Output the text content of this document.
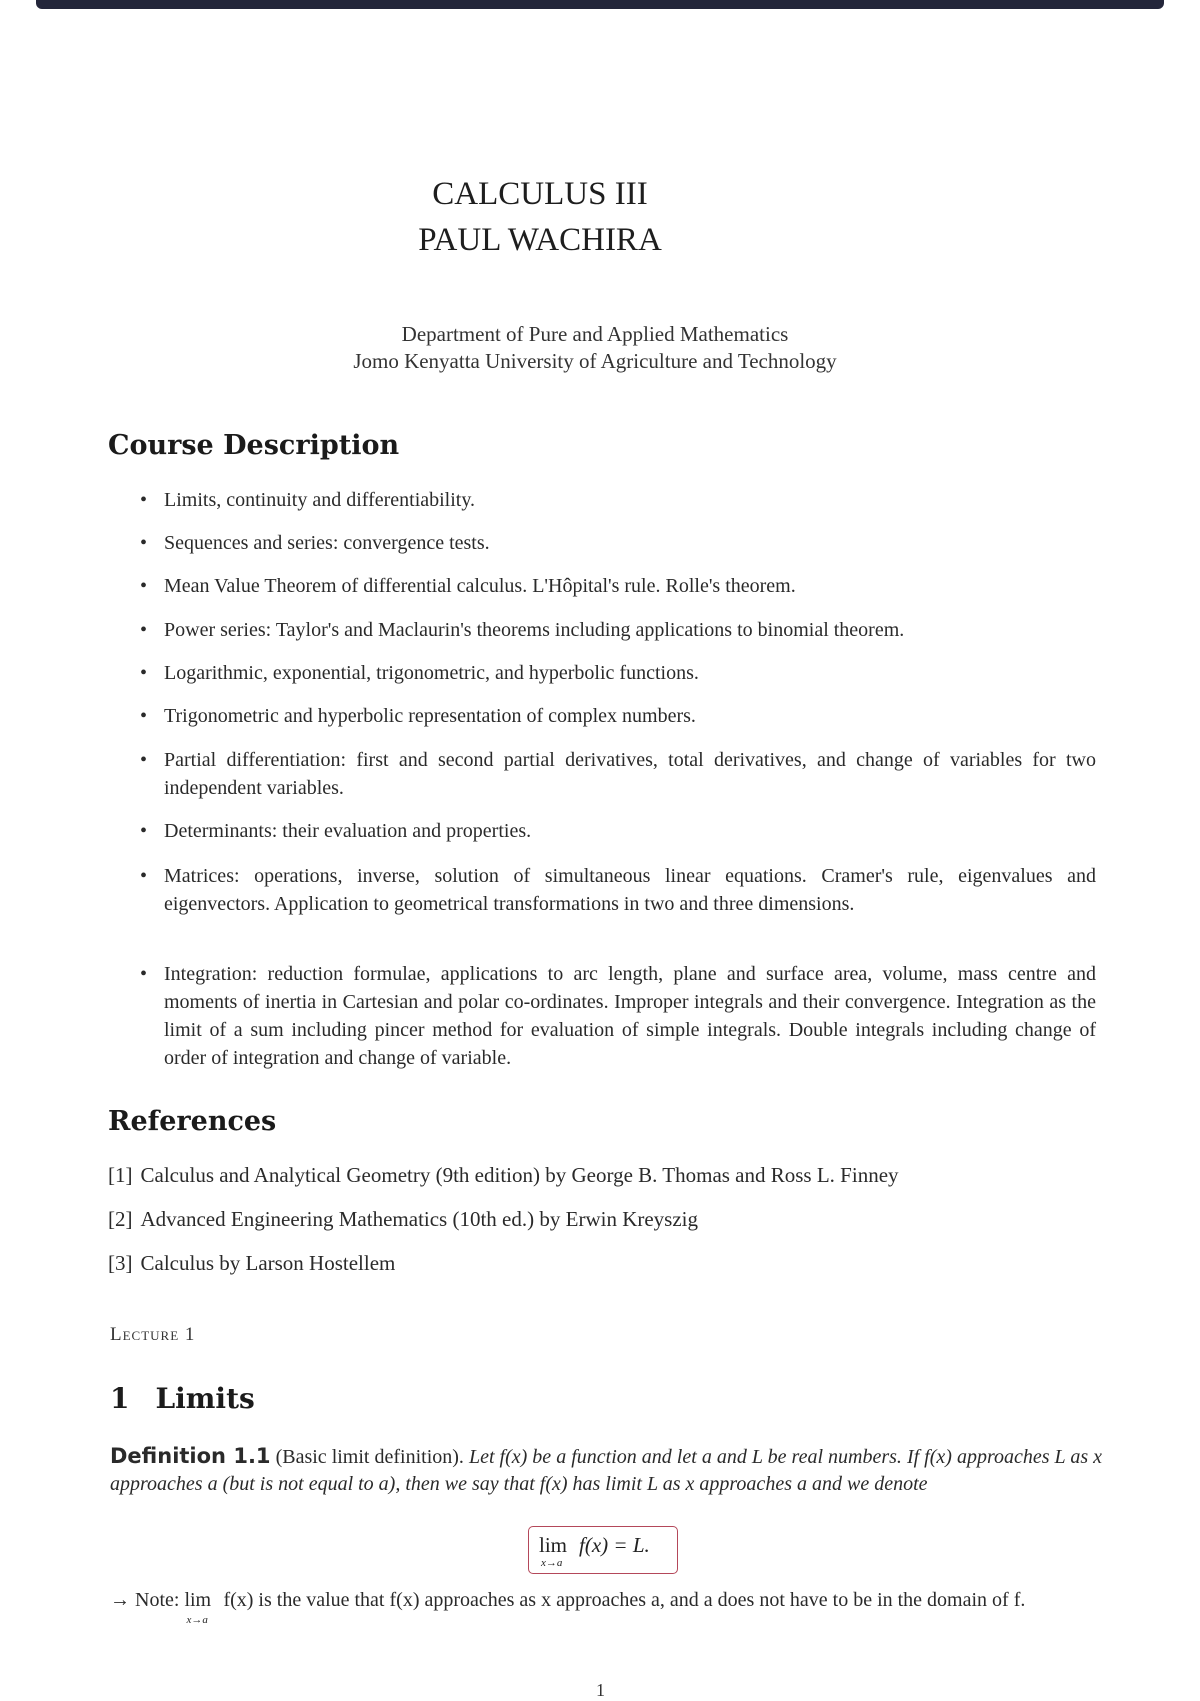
CALCULUS III
PAUL WACHIRA
Department of Pure and Applied Mathematics
Jomo Kenyatta University of Agriculture and Technology
Course Description
• Limits, continuity and differentiability.
• Sequences and series: convergence tests.
• Mean Value Theorem of differential calculus. L'Hôpital's rule. Rolle's theorem.
• Power series: Taylor's and Maclaurin's theorems including applications to binomial theorem.
• Logarithmic, exponential, trigonometric, and hyperbolic functions.
• Trigonometric and hyperbolic representation of complex numbers.
• Partial differentiation: first and second partial derivatives, total derivatives, and change of variables for two independent variables.
• Determinants: their evaluation and properties.
• Matrices: operations, inverse, solution of simultaneous linear equations. Cramer's rule, eigenvalues and eigenvectors. Application to geometrical transformations in two and three dimensions.
• Integration: reduction formulae, applications to arc length, plane and surface area, volume, mass centre and moments of inertia in Cartesian and polar co-ordinates. Improper integrals and their convergence. Integration as the limit of a sum including pincer method for evaluation of simple integrals. Double integrals including change of order of integration and change of variable.
References
[1] Calculus and Analytical Geometry (9th edition) by George B. Thomas and Ross L. Finney
[2] Advanced Engineering Mathematics (10th ed.) by Erwin Kreyszig
[3] Calculus by Larson Hostellem
Lecture 1
1 Limits
Definition 1.1 (Basic limit definition). Let f(x) be a function and let a and L be real numbers. If f(x) approaches L as x approaches a (but is not equal to a), then we say that f(x) has limit L as x approaches a and we denote
lim
x→a
f(x) = L.
→ Note: lim
x→a
f(x) is the value that f(x) approaches as x approaches a, and a does not have to be in the domain of f.
1
